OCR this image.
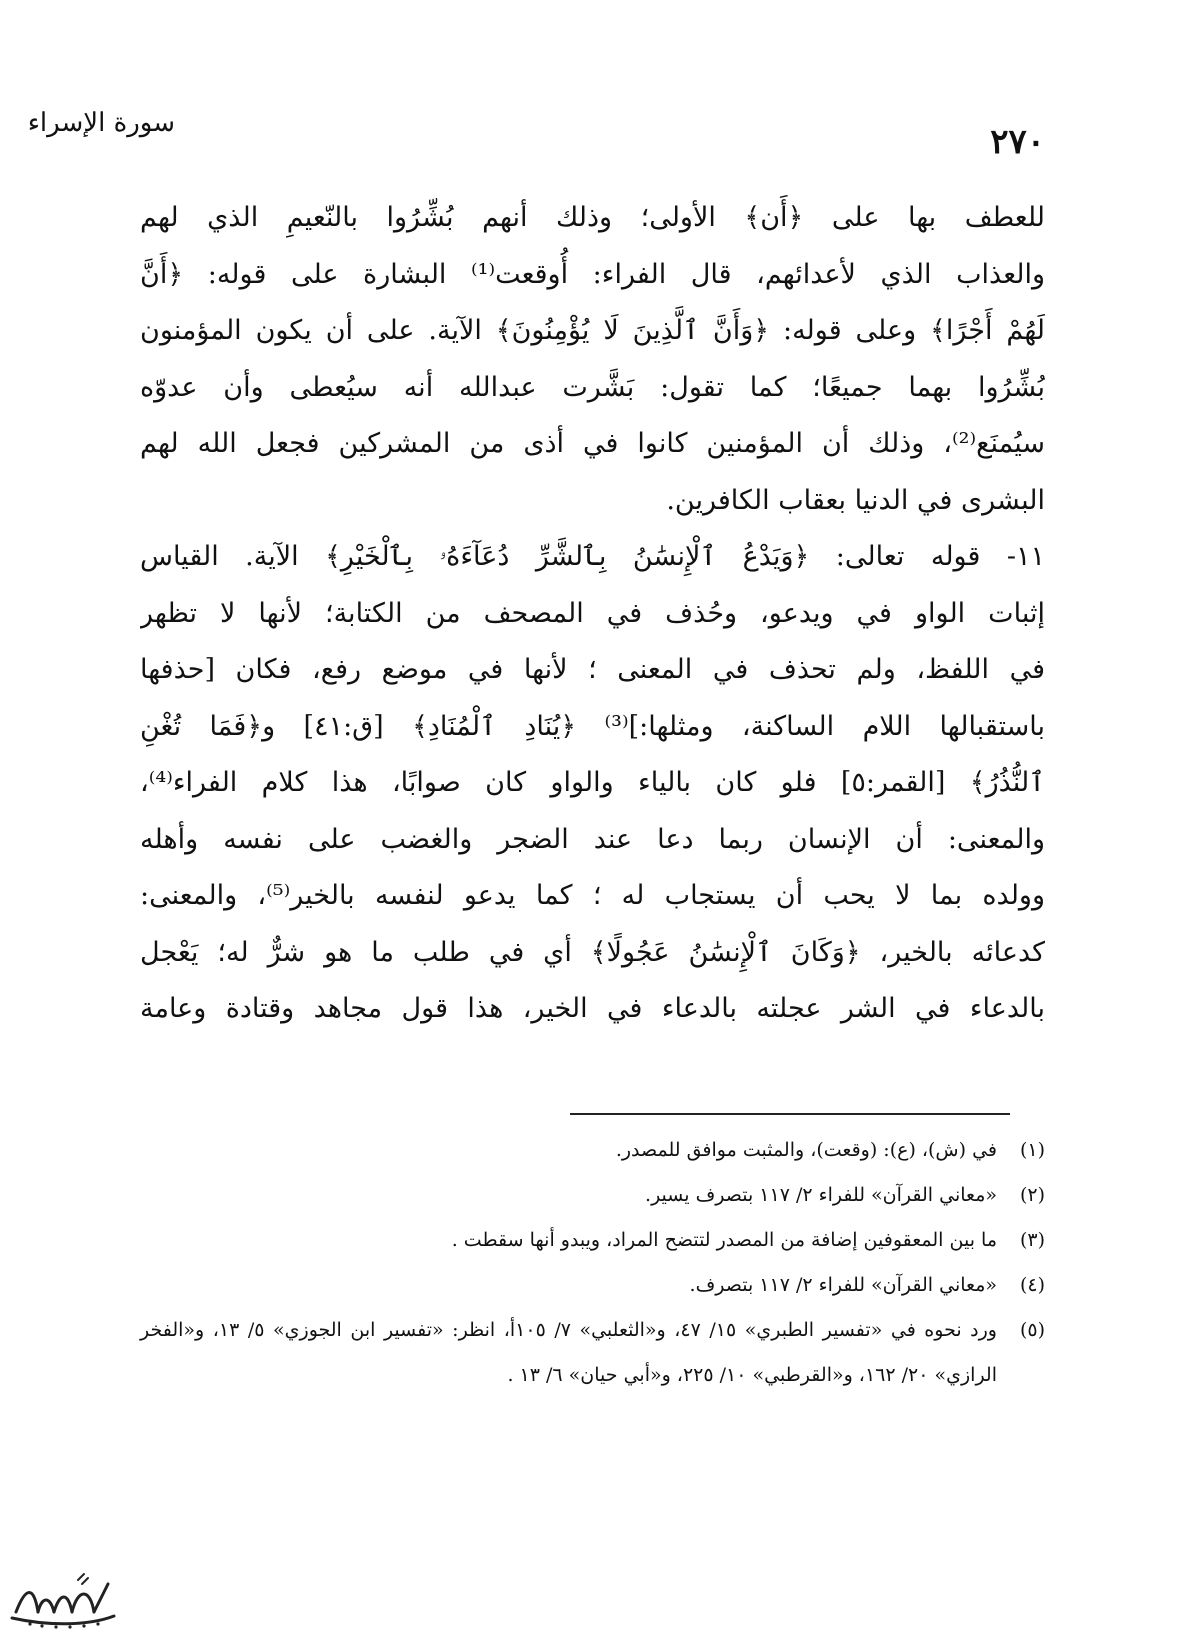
سورة الإسراء	٢٧٠
للعطف بها على ﴿أَن﴾ الأولى؛ وذلك أنهم بُشِّرُوا بالنّعيمِ الذي لهم
والعذاب الذي لأعدائهم، قال الفراء: أُوقعت⁽¹⁾ البشارة على قوله: ﴿أَنَّ
لَهُمْ أَجْرًا﴾ وعلى قوله: ﴿وَأَنَّ ٱلَّذِينَ لَا يُؤْمِنُونَ﴾ الآية. على أن يكون المؤمنون
بُشِّرُوا بهما جميعًا؛ كما تقول: بَشَّرت عبدالله أنه سيُعطى وأن عدوّه
سيُمنَع⁽²⁾، وذلك أن المؤمنين كانوا في أذى من المشركين فجعل الله لهم
البشرى في الدنيا بعقاب الكافرين.
١١- قوله تعالى: ﴿وَيَدْعُ ٱلْإِنسَٰنُ بِٱلشَّرِّ دُعَآءَهُۥ بِٱلْخَيْرِ﴾ الآية. القياس
إثبات الواو في ويدعو، وحُذف في المصحف من الكتابة؛ لأنها لا تظهر
في اللفظ، ولم تحذف في المعنى ؛ لأنها في موضع رفع، فكان [حذفها
باستقبالها اللام الساكنة، ومثلها:]⁽³⁾ ﴿يُنَادِ ٱلْمُنَادِ﴾ [ق:٤١] و﴿فَمَا تُغْنِ
ٱلنُّذُرُ﴾ [القمر:٥] فلو كان بالياء والواو كان صوابًا، هذا كلام الفراء⁽⁴⁾،
والمعنى: أن الإنسان ربما دعا عند الضجر والغضب على نفسه وأهله
وولده بما لا يحب أن يستجاب له ؛ كما يدعو لنفسه بالخير⁽⁵⁾، والمعنى:
كدعائه بالخير، ﴿وَكَانَ ٱلْإِنسَٰنُ عَجُولًا﴾ أي في طلب ما هو شرٌّ له؛ يَعْجل
بالدعاء في الشر عجلته بالدعاء في الخير، هذا قول مجاهد وقتادة وعامة
(١)
في (ش)، (ع): (وقعت)، والمثبت موافق للمصدر.
(٢)
«معاني القرآن» للفراء ٢/ ١١٧ بتصرف يسير.
(٣)
ما بين المعقوفين إضافة من المصدر لتتضح المراد، ويبدو أنها سقطت .
(٤)
«معاني القرآن» للفراء ٢/ ١١٧ بتصرف.
(٥)
ورد نحوه في «تفسير الطبري» ١٥/ ٤٧، و«الثعلبي» ٧/ ١٠٥أ، انظر: «تفسير ابن الجوزي» ٥/ ١٣، و«الفخر الرازي» ٢٠/ ١٦٢، و«القرطبي» ١٠/ ٢٢٥، و«أبي حيان» ٦/ ١٣ .
